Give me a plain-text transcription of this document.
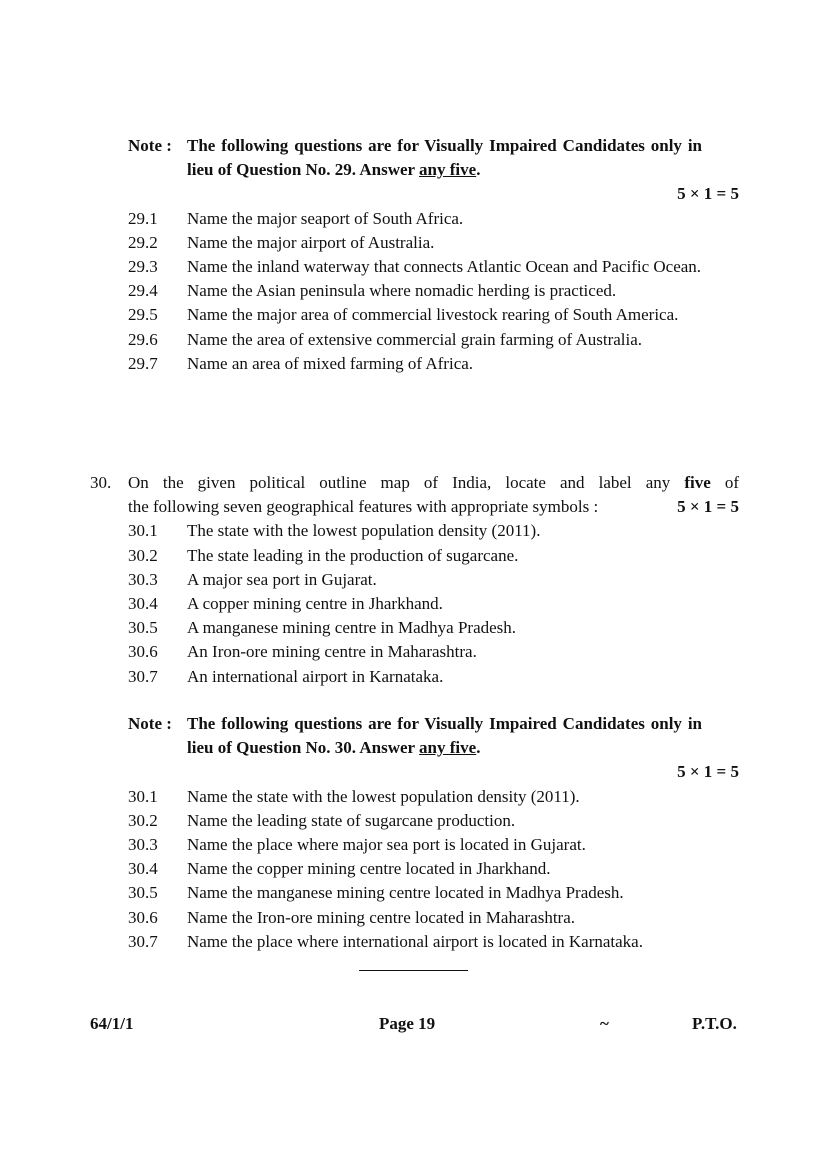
Note : The following questions are for Visually Impaired Candidates only in lieu of Question No. 29. Answer any five.
5 × 1 = 5
29.1 Name the major seaport of South Africa.
29.2 Name the major airport of Australia.
29.3 Name the inland waterway that connects Atlantic Ocean and Pacific Ocean.
29.4 Name the Asian peninsula where nomadic herding is practiced.
29.5 Name the major area of commercial livestock rearing of South America.
29.6 Name the area of extensive commercial grain farming of Australia.
29.7 Name an area of mixed farming of Africa.
30. On the given political outline map of India, locate and label any five of
the following seven geographical features with appropriate symbols :	5 × 1 = 5
30.1 The state with the lowest population density (2011).
30.2 The state leading in the production of sugarcane.
30.3 A major sea port in Gujarat.
30.4 A copper mining centre in Jharkhand.
30.5 A manganese mining centre in Madhya Pradesh.
30.6 An Iron-ore mining centre in Maharashtra.
30.7 An international airport in Karnataka.
Note : The following questions are for Visually Impaired Candidates only in lieu of Question No. 30. Answer any five.
5 × 1 = 5
30.1 Name the state with the lowest population density (2011).
30.2 Name the leading state of sugarcane production.
30.3 Name the place where major sea port is located in Gujarat.
30.4 Name the copper mining centre located in Jharkhand.
30.5 Name the manganese mining centre located in Madhya Pradesh.
30.6 Name the Iron-ore mining centre located in Maharashtra.
30.7 Name the place where international airport is located in Karnataka.
64/1/1	Page 19	~	P.T.O.
